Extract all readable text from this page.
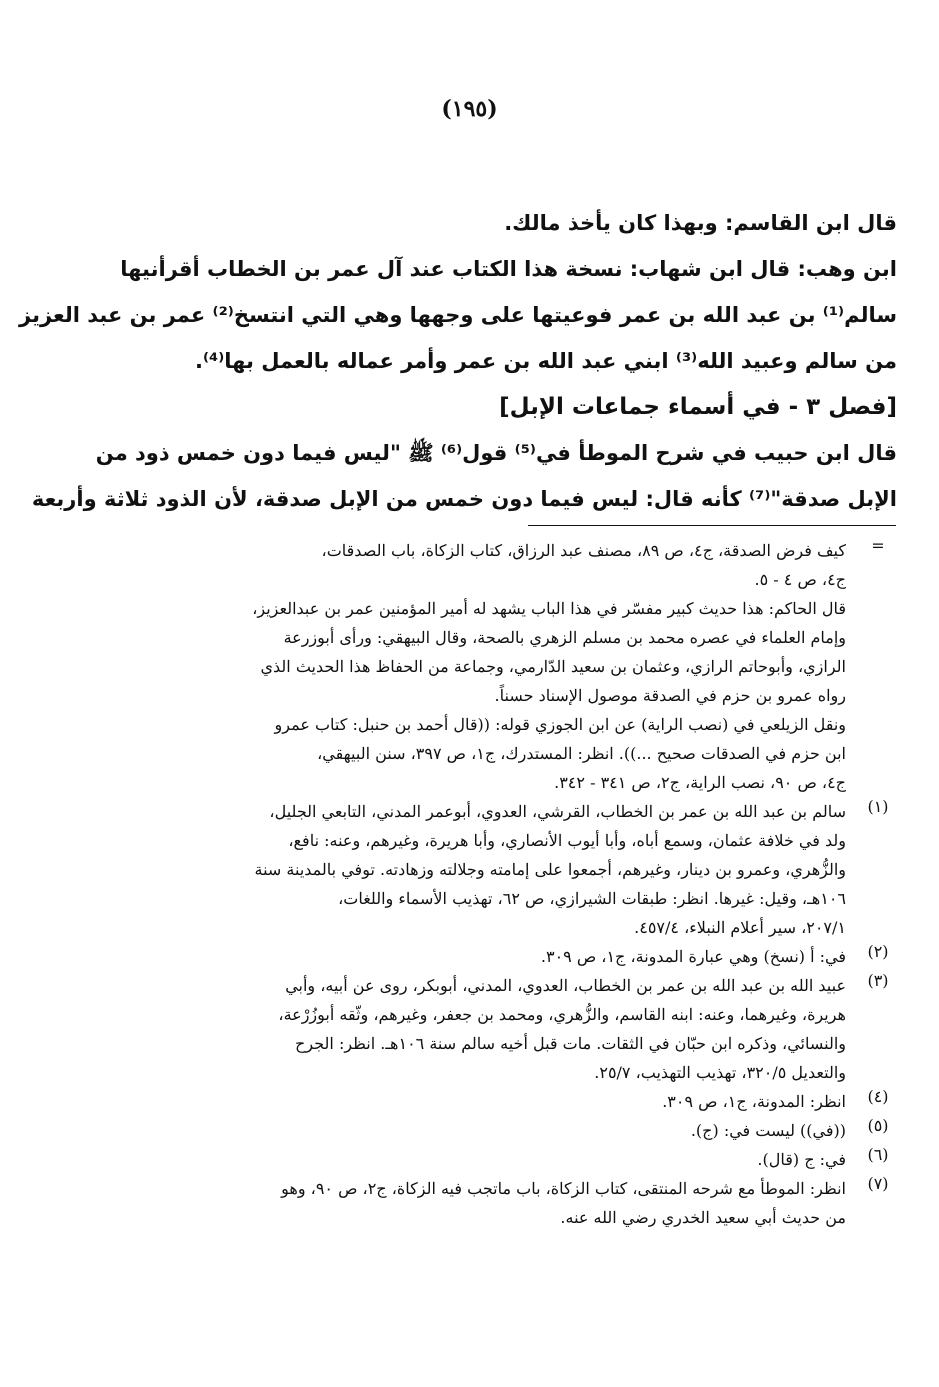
(١٩٥)
قال ابن القاسم: وبهذا كان يأخذ مالك.
ابن وهب: قال ابن شهاب: نسخة هذا الكتاب عند آل عمر بن الخطاب أقرأنيها
سالم⁽¹⁾ بن عبد الله بن عمر فوعيتها على وجهها وهي التي انتسخ⁽²⁾ عمر بن عبد العزيز
من سالم وعبيد الله⁽³⁾ ابني عبد الله بن عمر وأمر عماله بالعمل بها⁽⁴⁾.
[فصل ٣ - في أسماء جماعات الإبل]
قال ابن حبيب في شرح الموطأ في⁽⁵⁾ قول⁽⁶⁾ ﷺ "ليس فيما دون خمس ذود من
الإبل صدقة"⁽⁷⁾ كأنه قال: ليس فيما دون خمس من الإبل صدقة، لأن الذود ثلاثة وأربعة
=
كيف فرض الصدقة، ج٤، ص ٨٩، مصنف عبد الرزاق، كتاب الزكاة، باب الصدقات،
ج٤، ص ٤ - ٥.
قال الحاكم: هذا حديث كبير مفسّر في هذا الباب يشهد له أمير المؤمنين عمر بن عبدالعزيز،
وإمام العلماء في عصره محمد بن مسلم الزهري بالصحة، وقال البيهقي: ورأى أبوزرعة
الرازي، وأبوحاتم الرازي، وعثمان بن سعيد الدّارمي، وجماعة من الحفاظ هذا الحديث الذي
رواه عمرو بن حزم في الصدقة موصول الإسناد حسناً.
ونقل الزيلعي في (نصب الراية) عن ابن الجوزي قوله: ((قال أحمد بن حنبل: كتاب عمرو
ابن حزم في الصدقات صحيح ...)). انظر: المستدرك، ج١، ص ٣٩٧، سنن البيهقي،
ج٤، ص ٩٠، نصب الراية، ج٢، ص ٣٤١ - ٣٤٢.
(١)
سالم بن عبد الله بن عمر بن الخطاب، القرشي، العدوي، أبوعمر المدني، التابعي الجليل،
ولد في خلافة عثمان، وسمع أباه، وأبا أيوب الأنصاري، وأبا هريرة، وغيرهم، وعنه: نافع،
والزُّهري، وعمرو بن دينار، وغيرهم، أجمعوا على إمامته وجلالته وزهادته. توفي بالمدينة سنة
١٠٦هـ، وقيل: غيرها. انظر: طبقات الشيرازي، ص ٦٢، تهذيب الأسماء واللغات،
٢٠٧/١، سير أعلام النبلاء، ٤٥٧/٤.
(٢)
في: أ (نسخ) وهي عبارة المدونة، ج١، ص ٣٠٩.
(٣)
عبيد الله بن عبد الله بن عمر بن الخطاب، العدوي، المدني، أبوبكر، روى عن أبيه، وأبي
هريرة، وغيرهما، وعنه: ابنه القاسم، والزُّهري، ومحمد بن جعفر، وغيرهم، وثّقه أبوزُرْعة،
والنسائي، وذكره ابن حبّان في الثقات. مات قبل أخيه سالم سنة ١٠٦هـ. انظر: الجرح
والتعديل ٣٢٠/٥، تهذيب التهذيب، ٢٥/٧.
(٤)
انظر: المدونة، ج١، ص ٣٠٩.
(٥)
((في)) ليست في: (ج).
(٦)
في: ج (قال).
(٧)
انظر: الموطأ مع شرحه المنتقى، كتاب الزكاة، باب ماتجب فيه الزكاة، ج٢، ص ٩٠، وهو
من حديث أبي سعيد الخدري رضي الله عنه.
